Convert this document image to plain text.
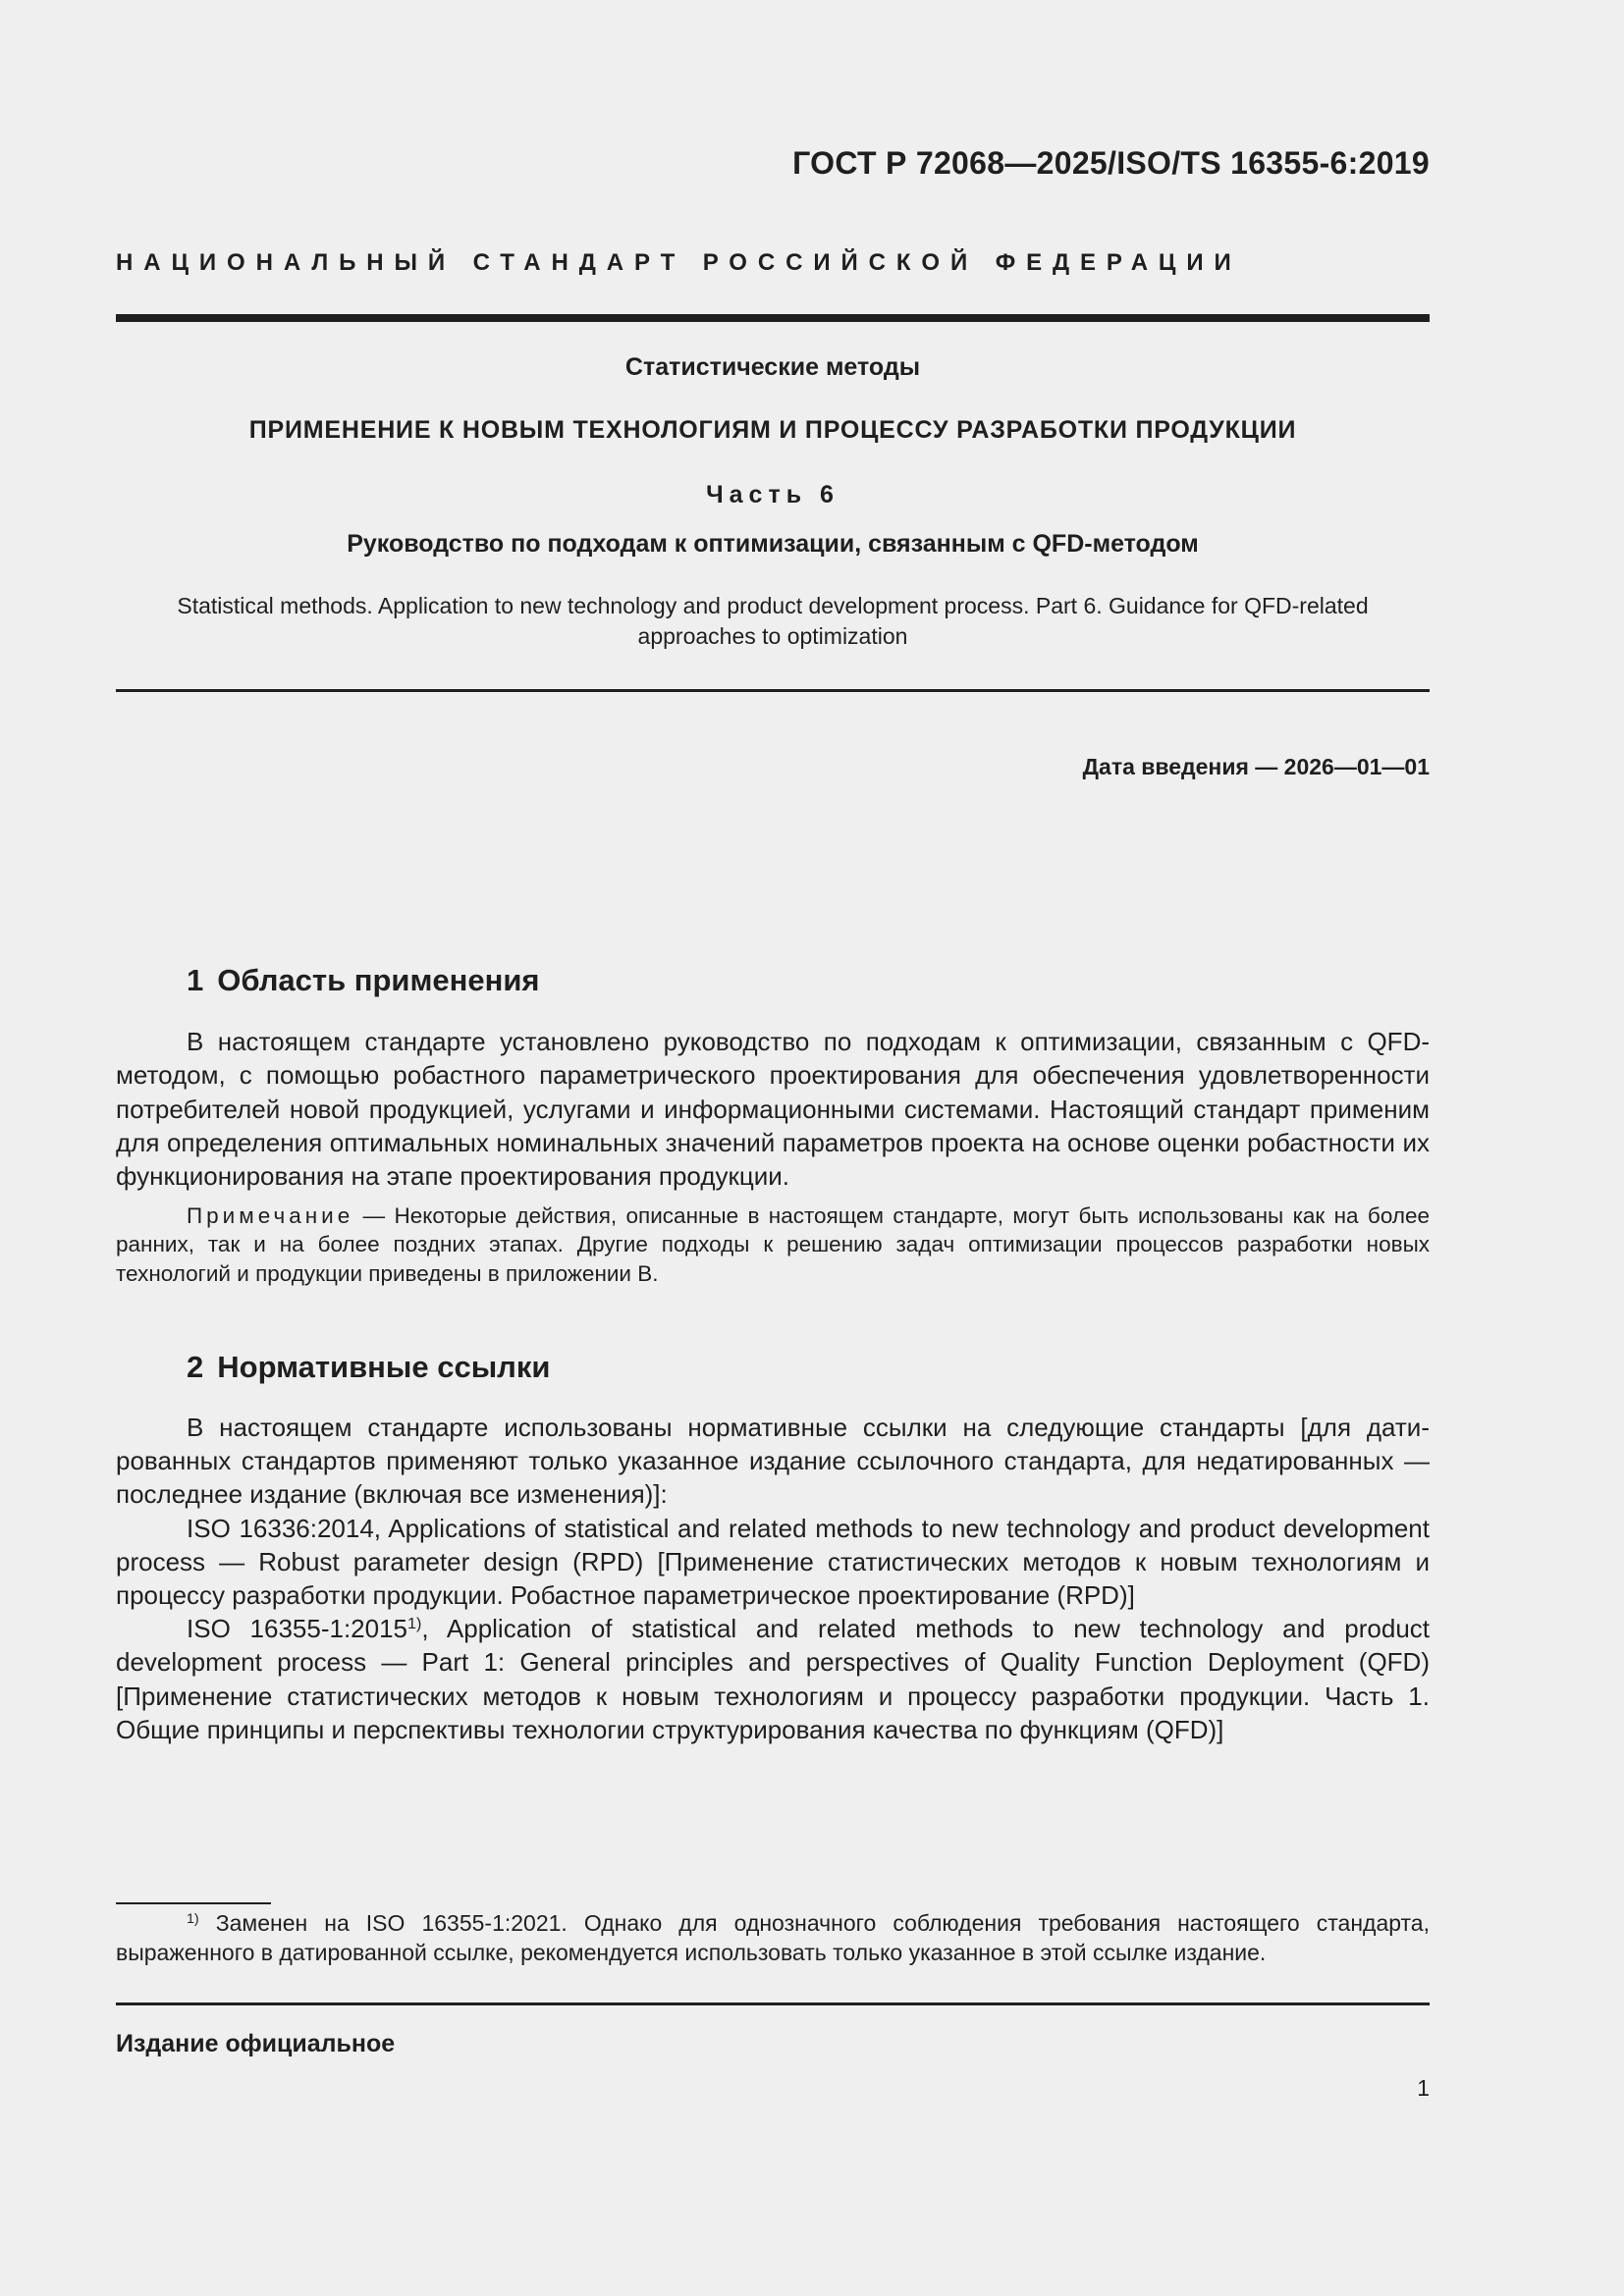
ГОСТ Р 72068—2025/ISO/TS 16355-6:2019
НАЦИОНАЛЬНЫЙ СТАНДАРТ РОССИЙСКОЙ ФЕДЕРАЦИИ
Статистические методы
ПРИМЕНЕНИЕ К НОВЫМ ТЕХНОЛОГИЯМ И ПРОЦЕССУ РАЗРАБОТКИ ПРОДУКЦИИ
Часть 6
Руководство по подходам к оптимизации, связанным с QFD-методом
Statistical methods. Application to new technology and product development process. Part 6. Guidance for QFD-related
approaches to optimization
Дата введения — 2026—01—01
1 Область применения

В настоящем стандарте установлено руководство по подходам к оптимизации, связанным с QFD-методом, с помощью робастного параметрического проектирования для обеспечения удовлетворенности потребителей новой продукцией, услугами и информационными системами. Настоящий стандарт применим для определения оптимальных номинальных значений параметров проекта на основе оценки робастности их функционирования на этапе проектирования продукции.

Примечание — Некоторые действия, описанные в настоящем стандарте, могут быть использованы как на более ранних, так и на более поздних этапах. Другие подходы к решению задач оптимизации процессов разработки новых технологий и продукции приведены в приложении В.

2 Нормативные ссылки

В настоящем стандарте использованы нормативные ссылки на следующие стандарты [для датированных стандартов применяют только указанное издание ссылочного стандарта, для недатированных — последнее издание (включая все изменения)]:

ISO 16336:2014, Applications of statistical and related methods to new technology and product development process — Robust parameter design (RPD) [Применение статистических методов к новым технологиям и процессу разработки продукции. Робастное параметрическое проектирование (RPD)]

ISO 16355-1:2015$^{1)}$, Application of statistical and related methods to new technology and product development process — Part 1: General principles and perspectives of Quality Function Deployment (QFD) [Применение статистических методов к новым технологиям и процессу разработки продукции. Часть 1. Общие принципы и перспективы технологии структурирования качества по функциям (QFD)]

$^{1)}$ Заменен на ISO 16355-1:2021. Однако для однозначного соблюдения требования настоящего стандарта, выраженного в датированной ссылке, рекомендуется использовать только указанное в этой ссылке издание.

Издание официальное
1
